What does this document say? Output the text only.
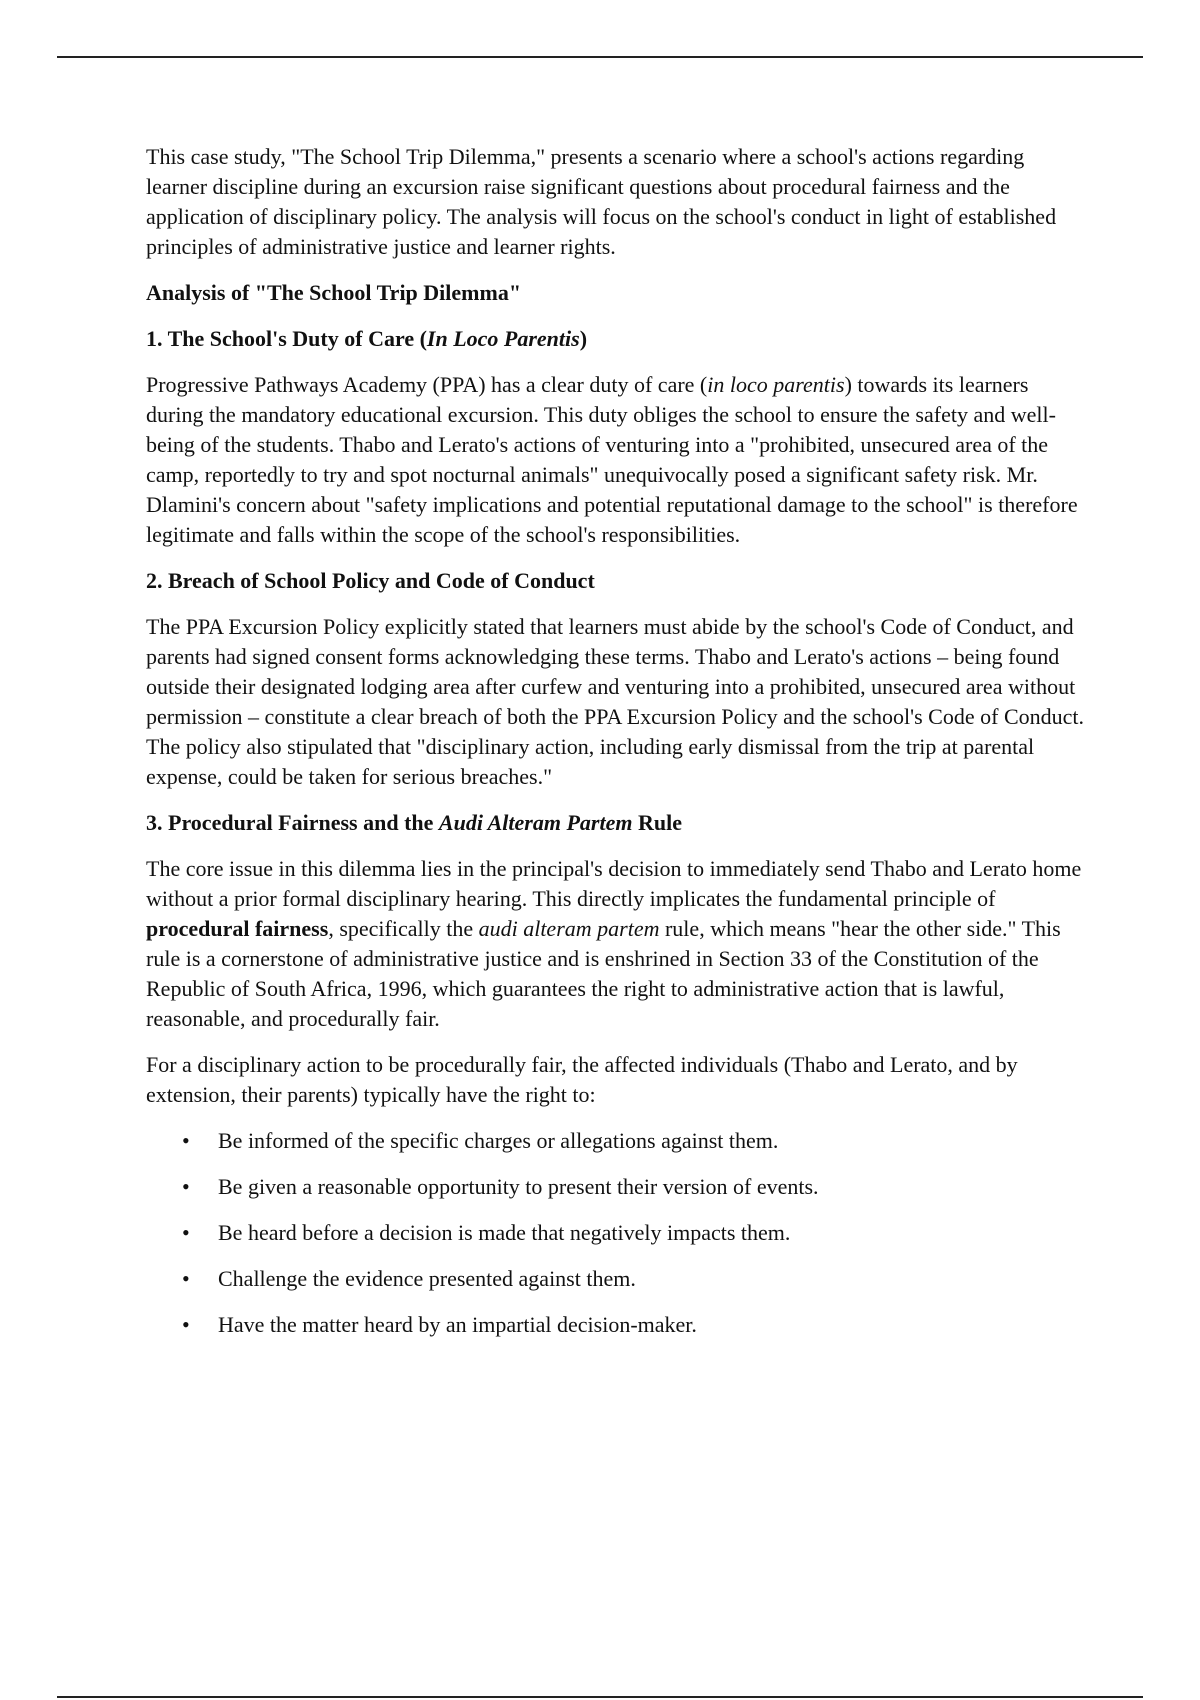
This case study, "The School Trip Dilemma," presents a scenario where a school's actions regarding learner discipline during an excursion raise significant questions about procedural fairness and the application of disciplinary policy. The analysis will focus on the school's conduct in light of established principles of administrative justice and learner rights.

Analysis of "The School Trip Dilemma"
1. The School's Duty of Care (In Loco Parentis)

Progressive Pathways Academy (PPA) has a clear duty of care (in loco parentis) towards its learners during the mandatory educational excursion. This duty obliges the school to ensure the safety and well-being of the students. Thabo and Lerato's actions of venturing into a "prohibited, unsecured area of the camp, reportedly to try and spot nocturnal animals" unequivocally posed a significant safety risk. Mr. Dlamini's concern about "safety implications and potential reputational damage to the school" is therefore legitimate and falls within the scope of the school's responsibilities.

2. Breach of School Policy and Code of Conduct

The PPA Excursion Policy explicitly stated that learners must abide by the school's Code of Conduct, and parents had signed consent forms acknowledging these terms. Thabo and Lerato's actions – being found outside their designated lodging area after curfew and venturing into a prohibited, unsecured area without permission – constitute a clear breach of both the PPA Excursion Policy and the school's Code of Conduct. The policy also stipulated that "disciplinary action, including early dismissal from the trip at parental expense, could be taken for serious breaches."

3. Procedural Fairness and the Audi Alteram Partem Rule

The core issue in this dilemma lies in the principal's decision to immediately send Thabo and Lerato home without a prior formal disciplinary hearing. This directly implicates the fundamental principle of procedural fairness, specifically the audi alteram partem rule, which means "hear the other side." This rule is a cornerstone of administrative justice and is enshrined in Section 33 of the Constitution of the Republic of South Africa, 1996, which guarantees the right to administrative action that is lawful, reasonable, and procedurally fair.

For a disciplinary action to be procedurally fair, the affected individuals (Thabo and Lerato, and by extension, their parents) typically have the right to:

• Be informed of the specific charges or allegations against them.
• Be given a reasonable opportunity to present their version of events.
• Be heard before a decision is made that negatively impacts them.
• Challenge the evidence presented against them.
• Have the matter heard by an impartial decision-maker.
